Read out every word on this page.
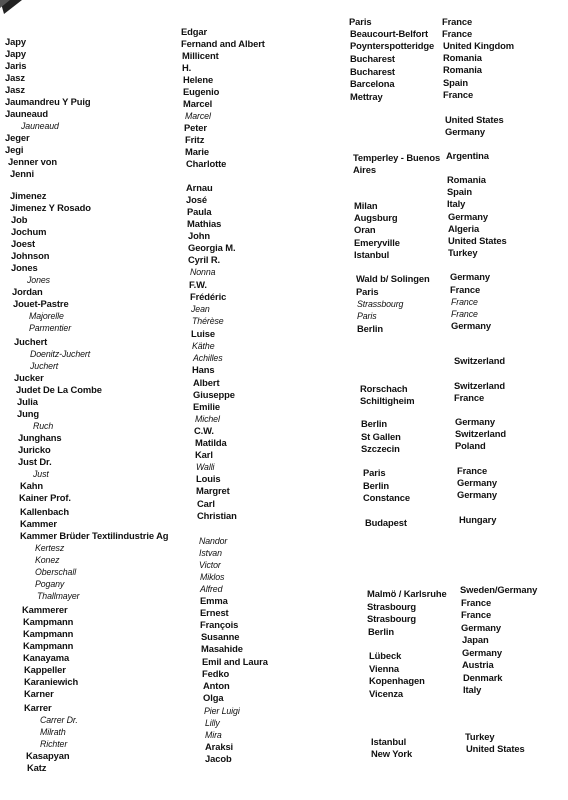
Japy
Japy
Jaris
Jasz
Jasz
Jaumandreu Y Puig
Jauneaud
Jauneaud
Jeger
Jegi
Jenner von
Jenni
Jimenez
Jimenez Y Rosado
Job
Jochum
Joest
Johnson
Jones
Jones
Jordan
Jouet-Pastre
Majorelle
Parmentier
Juchert
Doenitz-Juchert
Juchert
Jucker
Judet De La Combe
Julia
Jung
Ruch
Junghans
Juricko
Just Dr.
Just
Kahn
Kainer Prof.
Kallenbach
Kammer
Kammer Brüder Textilindustrie Ag
Kertesz
Konez
Oberschall
Pogany
Thallmayer
Kammerer
Kampmann
Kampmann
Kampmann
Kanayama
Kappeller
Karaniewich
Karner
Karrer
Carrer Dr.
Milrath
Richter
Kasapyan
Katz
Edgar
Fernand and Albert
Millicent
H.
Helene
Eugenio
Marcel
Marcel
Peter
Fritz
Marie
Charlotte
Arnau
José
Paula
Mathias
John
Georgia M.
Cyril R.
Nonna
F.W.
Frédéric
Jean
Thérèse
Luise
Käthe
Achilles
Hans
Albert
Giuseppe
Emilie
Michel
C.W.
Matilda
Karl
Walli
Louis
Margret
Carl
Christian
Nandor
Istvan
Victor
Miklos
Alfred
Emma
Ernest
François
Susanne
Masahide
Emil and Laura
Fedko
Anton
Olga
Pier Luigi
Lilly
Mira
Araksi
Jacob
Paris
Beaucourt-Belfort
Poynterspotteridge
Bucharest
Bucharest
Barcelona
Mettray
Temperley - Buenos
Aires
Milan
Augsburg
Oran
Emeryville
Istanbul
Wald b/ Solingen
Paris
Strassbourg
Paris
Berlin
Rorschach
Schiltigheim
Berlin
St Gallen
Szczecin
Paris
Berlin
Constance
Budapest
Malmö / Karlsruhe
Strasbourg
Strasbourg
Berlin
Lübeck
Vienna
Kopenhagen
Vicenza
Istanbul
New York
France
France
United Kingdom
Romania
Romania
Spain
France
United States
Germany
Argentina
Romania
Spain
Italy
Germany
Algeria
United States
Turkey
Germany
France
France
France
Germany
Switzerland
Switzerland
France
Germany
Switzerland
Poland
France
Germany
Germany
Hungary
Sweden/Germany
France
France
Germany
Japan
Germany
Austria
Denmark
Italy
Turkey
United States
